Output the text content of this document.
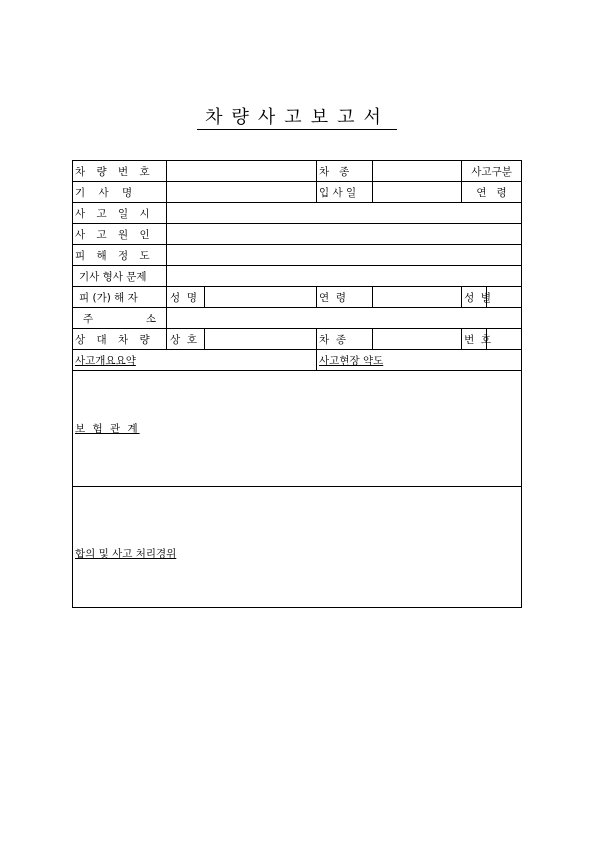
차량사고보고서
차 량 번 호			차   종		사고구분	
기    사    명			입 사 일		연   령	
사 고 일 시						
사 고 원 인						
피 해 정 도						
기사 형사 문제						
피 (가) 해 자	성  명		연  령		성  별	

주 소						

상 대 차 량	상  호		차  종		번  호	
사고개요요약			사고현장 약도			
보 험 관 계						
합의 및 사고 처리경위						
